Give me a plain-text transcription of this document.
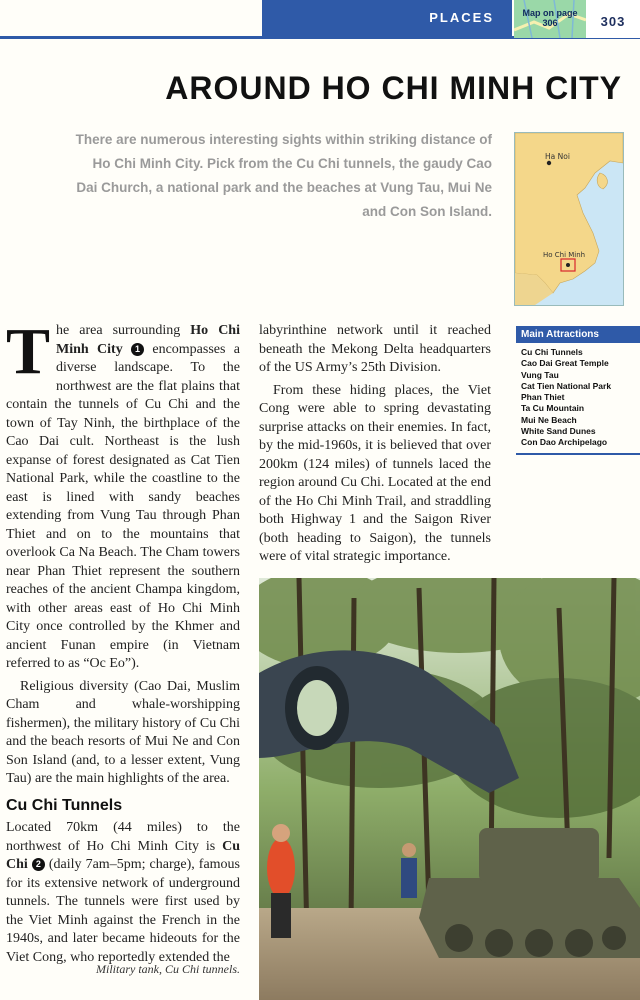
PLACES	Map on page 306	303
AROUND HO CHI MINH CITY

There are numerous interesting sights within striking distance of Ho Chi Minh City. Pick from the Cu Chi tunnels, the gaudy Cao Dai Church, a national park and the beaches at Vung Tau, Mui Ne and Con Son Island.

Ha Noi
Ho Chi Minh

The area surrounding Ho Chi Minh City 1 encompasses a diverse landscape. To the northwest are the flat plains that contain the tunnels of Cu Chi and the town of Tay Ninh, the birthplace of the Cao Dai cult. Northeast is the lush expanse of forest designated as Cat Tien National Park, while the coastline to the east is lined with sandy beaches extending from Vung Tau through Phan Thiet and on to the mountains that overlook Ca Na Beach. The Cham towers near Phan Thiet represent the southern reaches of the ancient Champa kingdom, with other areas east of Ho Chi Minh City once controlled by the Khmer and ancient Funan empire (in Vietnam referred to as “Oc Eo”).

Religious diversity (Cao Dai, Muslim Cham and whale-worshipping fishermen), the military history of Cu Chi and the beach resorts of Mui Ne and Con Son Island (and, to a lesser extent, Vung Tau) are the main highlights of the area.

Cu Chi Tunnels

Located 70km (44 miles) to the northwest of Ho Chi Minh City is Cu Chi 2 (daily 7am–5pm; charge), famous for its extensive network of underground tunnels. The tunnels were first used by the Viet Minh against the French in the 1940s, and later became hideouts for the Viet Cong, who reportedly extended the

labyrinthine network until it reached beneath the Mekong Delta headquarters of the US Army’s 25th Division.

From these hiding places, the Viet Cong were able to spring devastating surprise attacks on their enemies. In fact, by the mid-1960s, it is believed that over 200km (124 miles) of tunnels laced the region around Cu Chi. Located at the end of the Ho Chi Minh Trail, and straddling both Highway 1 and the Saigon River (both heading to Saigon), the tunnels were of vital strategic importance.

Main Attractions
Cu Chi Tunnels
Cao Dai Great Temple
Vung Tau
Cat Tien National Park
Phan Thiet
Ta Cu Mountain
Mui Ne Beach
White Sand Dunes
Con Dao Archipelago

Military tank, Cu Chi tunnels.
